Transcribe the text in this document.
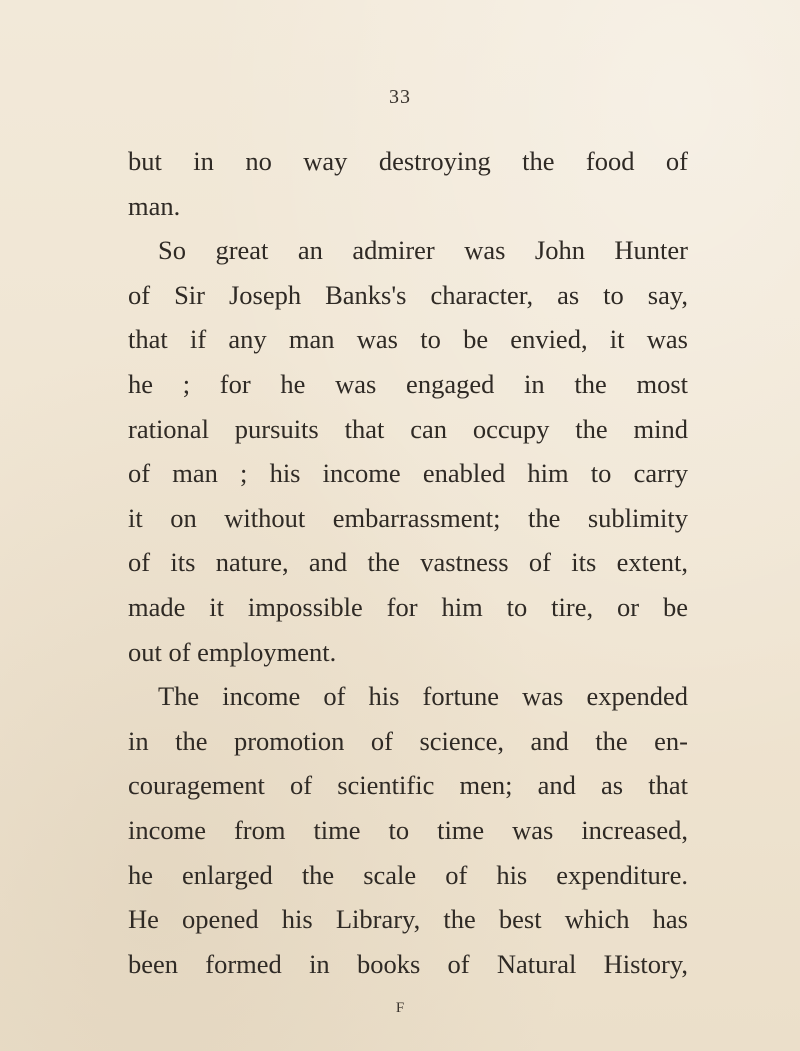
33
but in no way destroying the food of
man.
So great an admirer was John Hunter
of Sir Joseph Banks's character, as to say,
that if any man was to be envied, it was
he ; for he was engaged in the most
rational pursuits that can occupy the mind
of man ; his income enabled him to carry
it on without embarrassment; the sublimity
of its nature, and the vastness of its extent,
made it impossible for him to tire, or be
out of employment.
The income of his fortune was expended
in the promotion of science, and the en-
couragement of scientific men; and as that
income from time to time was increased,
he enlarged the scale of his expenditure.
He opened his Library, the best which has
been formed in books of Natural History,
F
